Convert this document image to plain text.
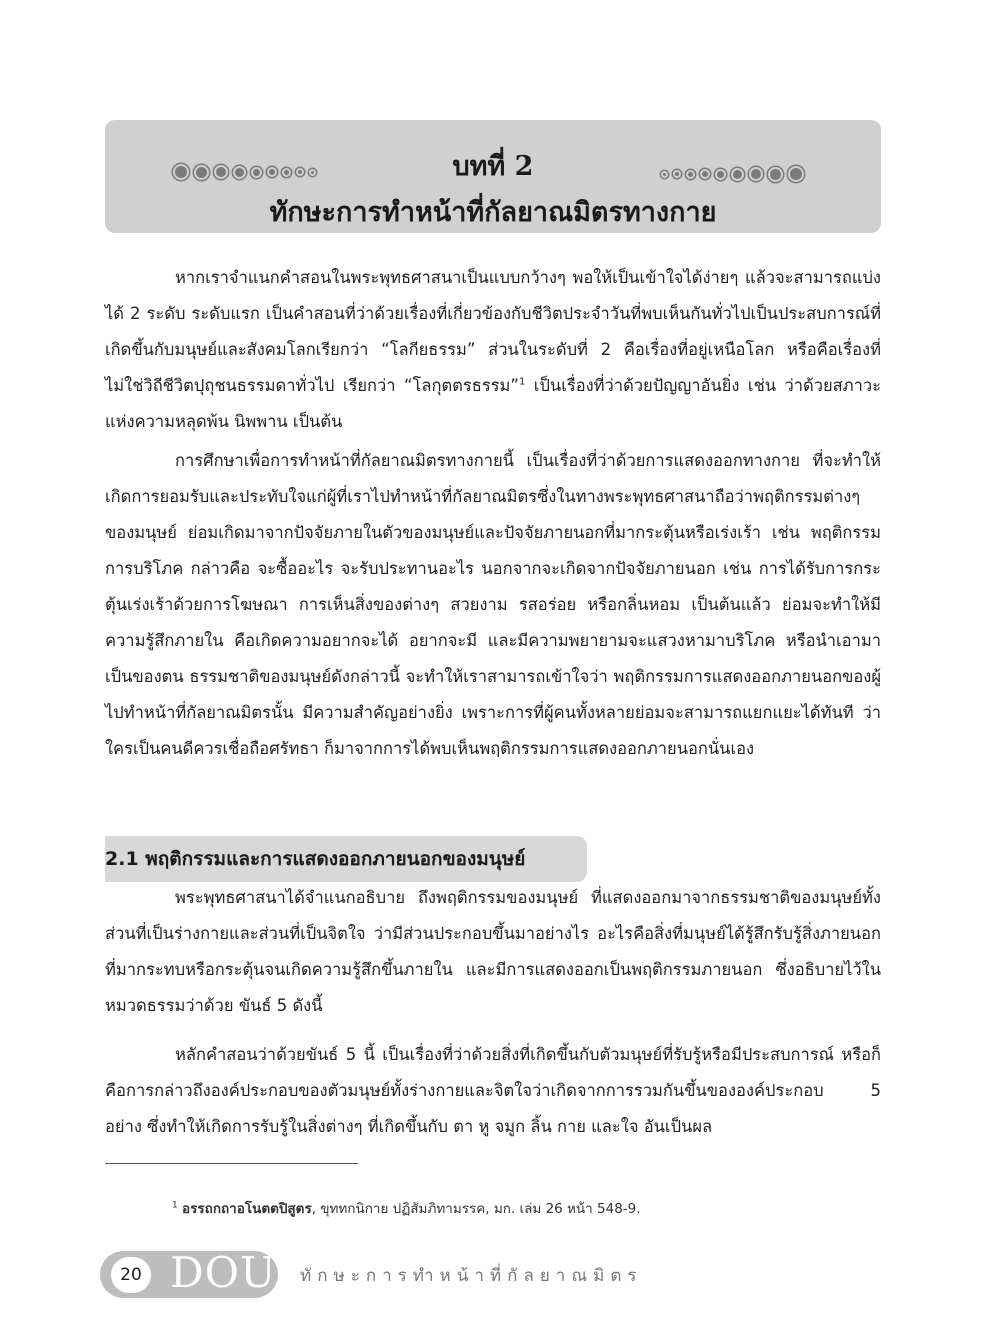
บทที่ 2
ทักษะการทำหน้าที่กัลยาณมิตรทางกาย

หากเราจำแนกคำสอนในพระพุทธศาสนาเป็นแบบกว้างๆ พอให้เป็นเข้าใจได้ง่ายๆ แล้วจะสามารถแบ่งได้ 2 ระดับ ระดับแรก เป็นคำสอนที่ว่าด้วยเรื่องที่เกี่ยวข้องกับชีวิตประจำวันที่พบเห็นกันทั่วไปเป็นประสบการณ์ที่เกิดขึ้นกับมนุษย์และสังคมโลกเรียกว่า “โลกียธรรม” ส่วนในระดับที่ 2 คือเรื่องที่อยู่เหนือโลก หรือคือเรื่องที่ไม่ใช่วิถีชีวิตปุถุชนธรรมดาทั่วไป เรียกว่า “โลกุตตรธรรม”$^1$ เป็นเรื่องที่ว่าด้วยปัญญาอันยิ่ง เช่น ว่าด้วยสภาวะแห่งความหลุดพ้น นิพพาน เป็นต้น

การศึกษาเพื่อการทำหน้าที่กัลยาณมิตรทางกายนี้ เป็นเรื่องที่ว่าด้วยการแสดงออกทางกาย ที่จะทำให้เกิดการยอมรับและประทับใจแก่ผู้ที่เราไปทำหน้าที่กัลยาณมิตรซึ่งในทางพระพุทธศาสนาถือว่าพฤติกรรมต่างๆ ของมนุษย์ ย่อมเกิดมาจากปัจจัยภายในตัวของมนุษย์และปัจจัยภายนอกที่มากระตุ้นหรือเร่งเร้า เช่น พฤติกรรมการบริโภค กล่าวคือ จะซื้ออะไร จะรับประทานอะไร นอกจากจะเกิดจากปัจจัยภายนอก เช่น การได้รับการกระตุ้นเร่งเร้าด้วยการโฆษณา การเห็นสิ่งของต่างๆ สวยงาม รสอร่อย หรือกลิ่นหอม เป็นต้นแล้ว ย่อมจะทำให้มีความรู้สึกภายใน คือเกิดความอยากจะได้ อยากจะมี และมีความพยายามจะแสวงหามาบริโภค หรือนำเอามาเป็นของตน ธรรมชาติของมนุษย์ดังกล่าวนี้ จะทำให้เราสามารถเข้าใจว่า พฤติกรรมการแสดงออกภายนอกของผู้ไปทำหน้าที่กัลยาณมิตรนั้น มีความสำคัญอย่างยิ่ง เพราะการที่ผู้คนทั้งหลายย่อมจะสามารถแยกแยะได้ทันที ว่าใครเป็นคนดีควรเชื่อถือศรัทธา ก็มาจากการได้พบเห็นพฤติกรรมการแสดงออกภายนอกนั่นเอง

2.1 พฤติกรรมและการแสดงออกภายนอกของมนุษย์

พระพุทธศาสนาได้จำแนกอธิบาย ถึงพฤติกรรมของมนุษย์ ที่แสดงออกมาจากธรรมชาติของมนุษย์ทั้งส่วนที่เป็นร่างกายและส่วนที่เป็นจิตใจ ว่ามีส่วนประกอบขึ้นมาอย่างไร อะไรคือสิ่งที่มนุษย์ได้รู้สึกรับรู้สิ่งภายนอกที่มากระทบหรือกระตุ้นจนเกิดความรู้สึกขึ้นภายใน และมีการแสดงออกเป็นพฤติกรรมภายนอก ซึ่งอธิบายไว้ในหมวดธรรมว่าด้วย ขันธ์ 5 ดังนี้

หลักคำสอนว่าด้วยขันธ์ 5 นี้ เป็นเรื่องที่ว่าด้วยสิ่งที่เกิดขึ้นกับตัวมนุษย์ที่รับรู้หรือมีประสบการณ์ หรือก็คือการกล่าวถึงองค์ประกอบของตัวมนุษย์ทั้งร่างกายและจิตใจว่าเกิดจากการรวมกันขึ้นขององค์ประกอบ 5 อย่าง ซึ่งทำให้เกิดการรับรู้ในสิ่งต่างๆ ที่เกิดขึ้นกับ ตา หู จมูก ลิ้น กาย และใจ อันเป็นผล

$^1$ อรรถกถาอโนตตปิสูตร, ขุททกนิกาย ปฏิสัมภิทามรรค, มก. เล่ม 26 หน้า 548-9.
20 DOU ทักษะการทำหน้าที่กัลยาณมิตร
